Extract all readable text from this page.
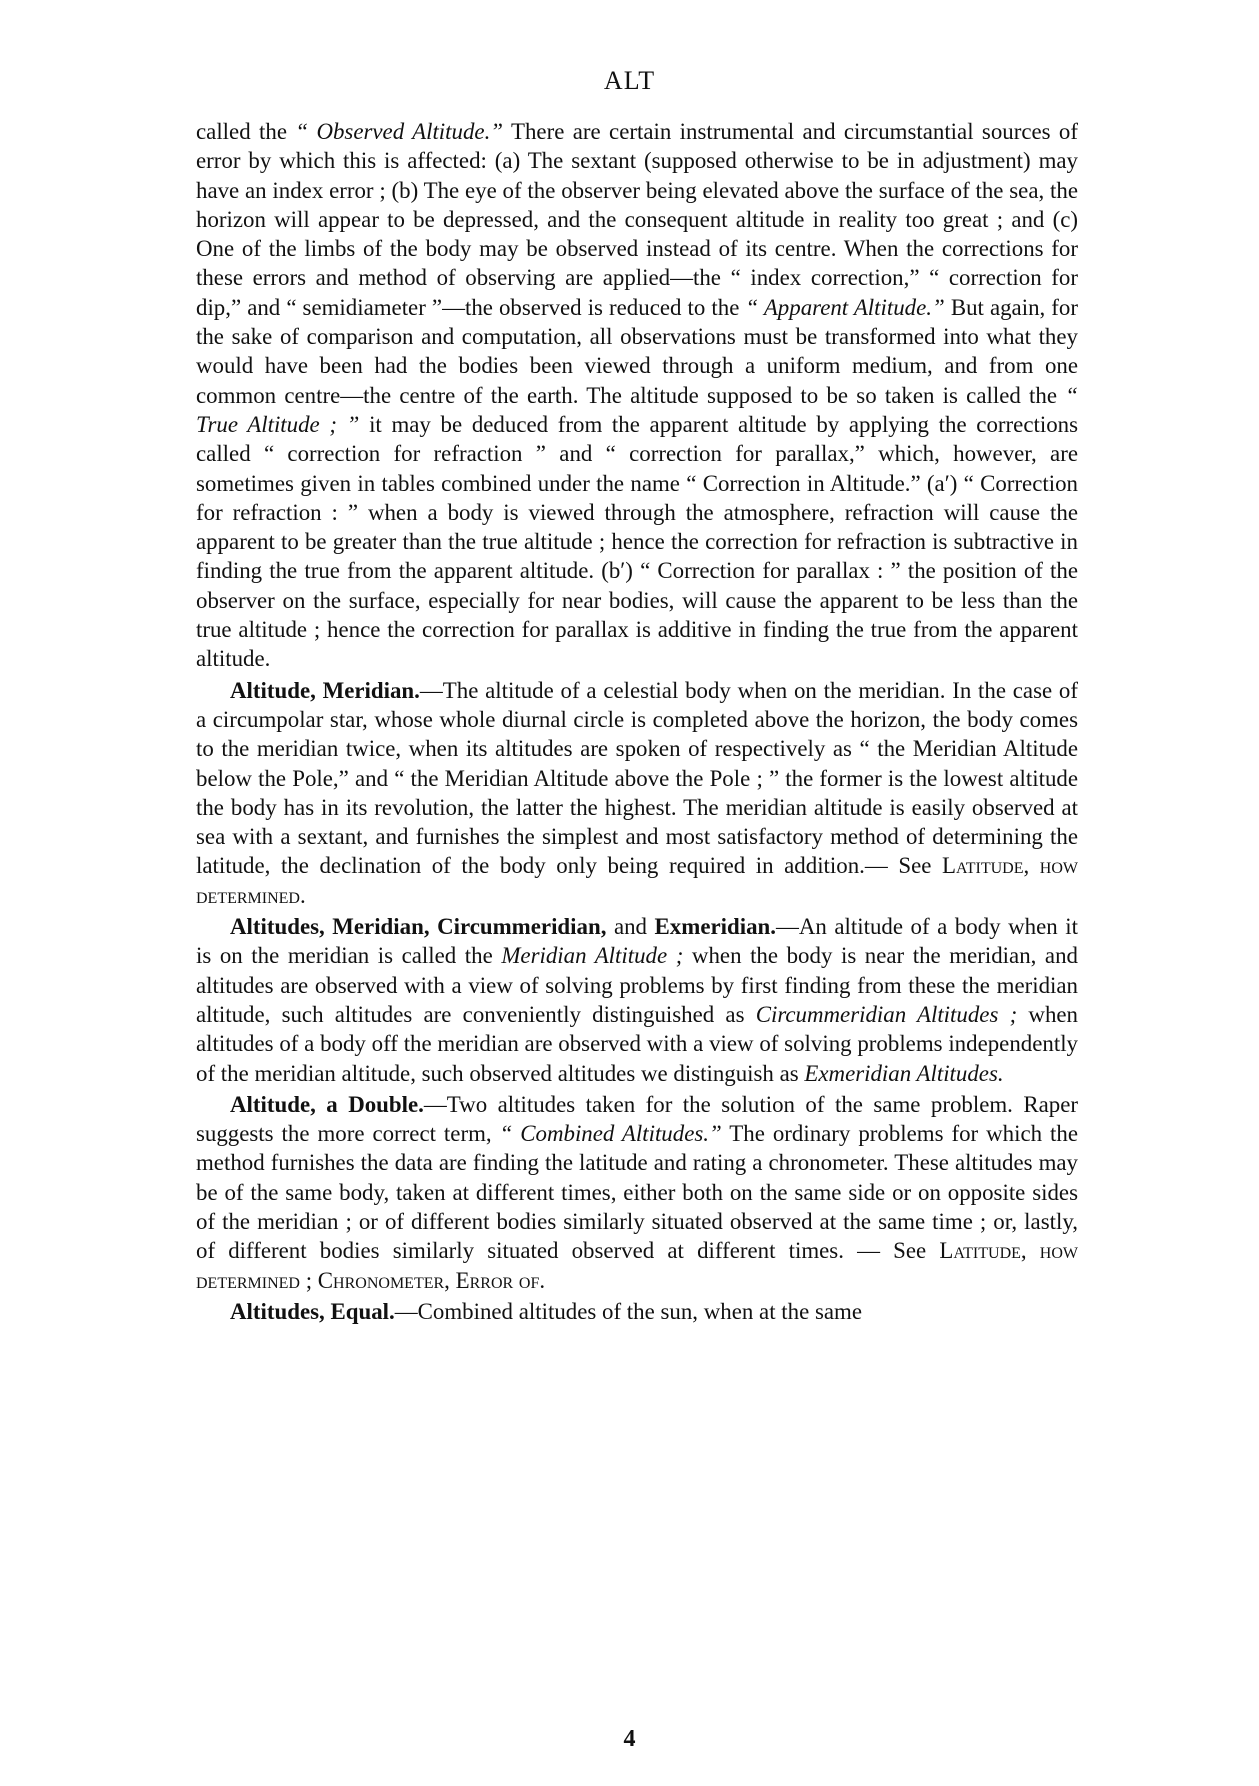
ALT

called the “ Observed Altitude.” There are certain instrumental and circumstantial sources of error by which this is affected: (a) The sextant (supposed otherwise to be in adjustment) may have an index error ; (b) The eye of the observer being elevated above the surface of the sea, the horizon will appear to be depressed, and the consequent altitude in reality too great ; and (c) One of the limbs of the body may be observed instead of its centre. When the corrections for these errors and method of observing are applied—the “ index correction,” “ correction for dip,” and “ semidiameter ”—the observed is reduced to the “ Apparent Altitude.” But again, for the sake of comparison and computation, all observations must be transformed into what they would have been had the bodies been viewed through a uniform medium, and from one common centre—the centre of the earth. The altitude supposed to be so taken is called the “ True Altitude ; ” it may be deduced from the apparent altitude by applying the corrections called “ correction for refraction ” and “ correction for parallax,” which, however, are sometimes given in tables combined under the name “ Correction in Altitude.” (a′) “ Correction for refraction : ” when a body is viewed through the atmosphere, refraction will cause the apparent to be greater than the true altitude ; hence the correction for refraction is subtractive in finding the true from the apparent altitude. (b′) “ Correction for parallax : ” the position of the observer on the surface, especially for near bodies, will cause the apparent to be less than the true altitude ; hence the correction for parallax is additive in finding the true from the apparent altitude.

Altitude, Meridian.—The altitude of a celestial body when on the meridian. In the case of a circumpolar star, whose whole diurnal circle is completed above the horizon, the body comes to the meridian twice, when its altitudes are spoken of respectively as “ the Meridian Altitude below the Pole,” and “ the Meridian Altitude above the Pole ; ” the former is the lowest altitude the body has in its revolution, the latter the highest. The meridian altitude is easily observed at sea with a sextant, and furnishes the simplest and most satisfactory method of determining the latitude, the declination of the body only being required in addition.— See Latitude, how determined.

Altitudes, Meridian, Circummeridian, and Exmeridian.—An altitude of a body when it is on the meridian is called the Meridian Altitude ; when the body is near the meridian, and altitudes are observed with a view of solving problems by first finding from these the meridian altitude, such altitudes are conveniently distinguished as Circummeridian Altitudes ; when altitudes of a body off the meridian are observed with a view of solving problems independently of the meridian altitude, such observed altitudes we distinguish as Exmeridian Altitudes.

Altitude, a Double.—Two altitudes taken for the solution of the same problem. Raper suggests the more correct term, “ Combined Altitudes.” The ordinary problems for which the method furnishes the data are finding the latitude and rating a chronometer. These altitudes may be of the same body, taken at different times, either both on the same side or on opposite sides of the meridian ; or of different bodies similarly situated observed at the same time ; or, lastly, of different bodies similarly situated observed at different times. — See Latitude, how determined ; Chronometer, Error of.

Altitudes, Equal.—Combined altitudes of the sun, when at the same

4
